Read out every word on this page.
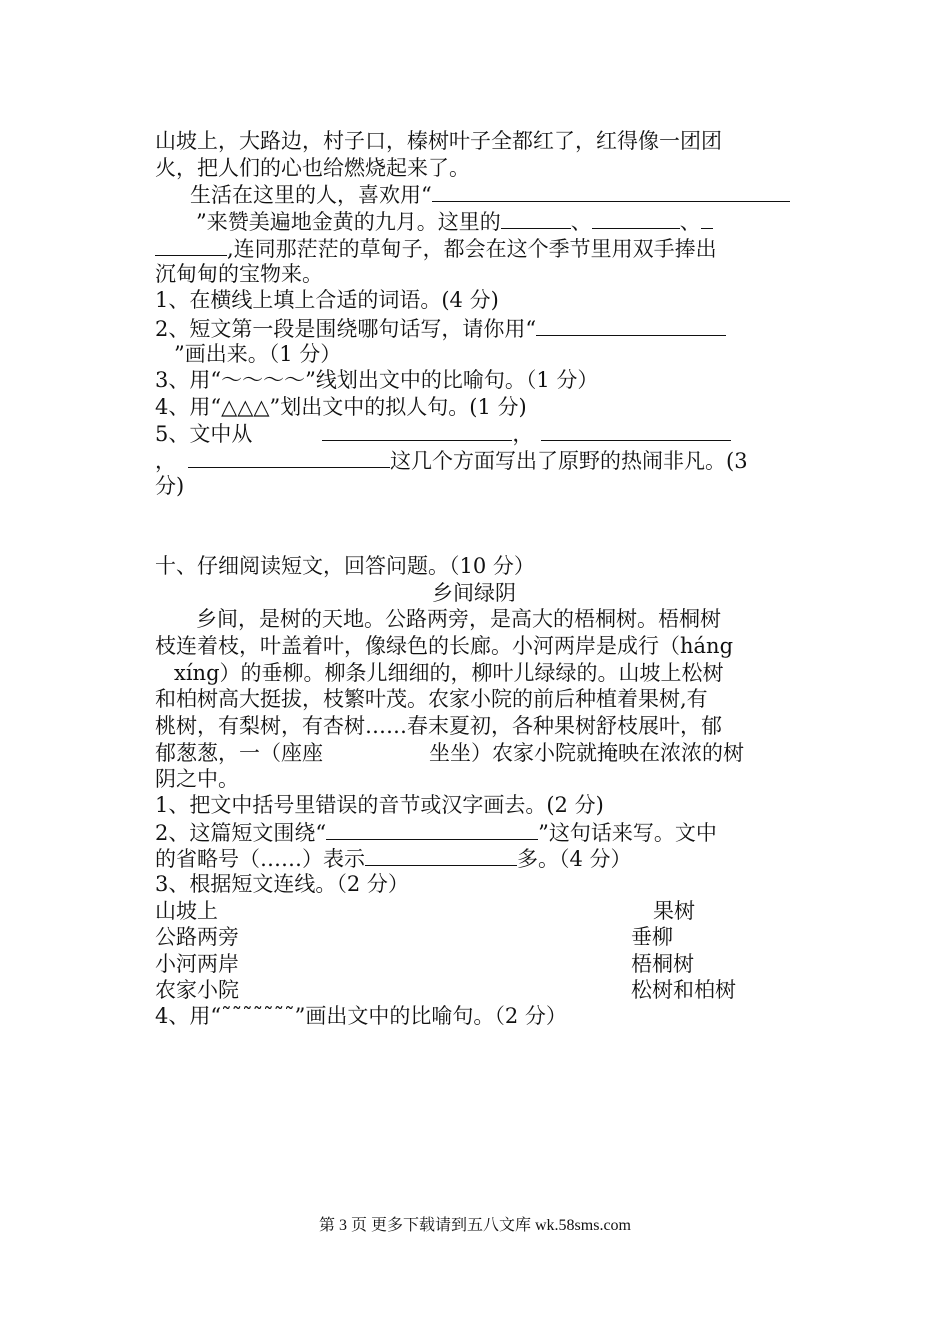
山坡上，大路边，村子口，榛树叶子全都红了，红得像一团团
火，把人们的心也给燃烧起来了。
生活在这里的人，喜欢用“
”来赞美遍地金黄的九月。这里的	、	、
,连同那茫茫的草甸子，都会在这个季节里用双手捧出
沉甸甸的宝物来。
1、在横线上填上合适的词语。(4 分)
2、短文第一段是围绕哪句话写，请你用“
”画出来。（1 分）
3、用“～～～～”线划出文中的比喻句。（1 分）
4、用“△△△”划出文中的拟人句。(1 分)
5、文中从	，
，	这几个方面写出了原野的热闹非凡。(3
分)
十、仔细阅读短文，回答问题。（10 分）
乡间绿阴
乡间，是树的天地。公路两旁，是高大的梧桐树。梧桐树
枝连着枝，叶盖着叶，像绿色的长廊。小河两岸是成行（háng
xíng）的垂柳。柳条儿细细的，柳叶儿绿绿的。山坡上松树
和柏树高大挺拔，枝繁叶茂。农家小院的前后种植着果树,有
桃树，有梨树，有杏树……春末夏初，各种果树舒枝展叶，郁
郁葱葱，一（座座	坐坐）农家小院就掩映在浓浓的树
阴之中。
1、把文中括号里错误的音节或汉字画去。(2 分)
2、这篇短文围绕“	”这句话来写。文中
的省略号（……）表示	多。（4 分）
3、根据短文连线。（2 分）
山坡上	果树
公路两旁	垂柳
小河两岸	梧桐树
农家小院	松树和柏树
4、用“˜˜˜˜˜˜˜”画出文中的比喻句。（2 分）
第 3 页 更多下载请到五八文库 wk.58sms.com
